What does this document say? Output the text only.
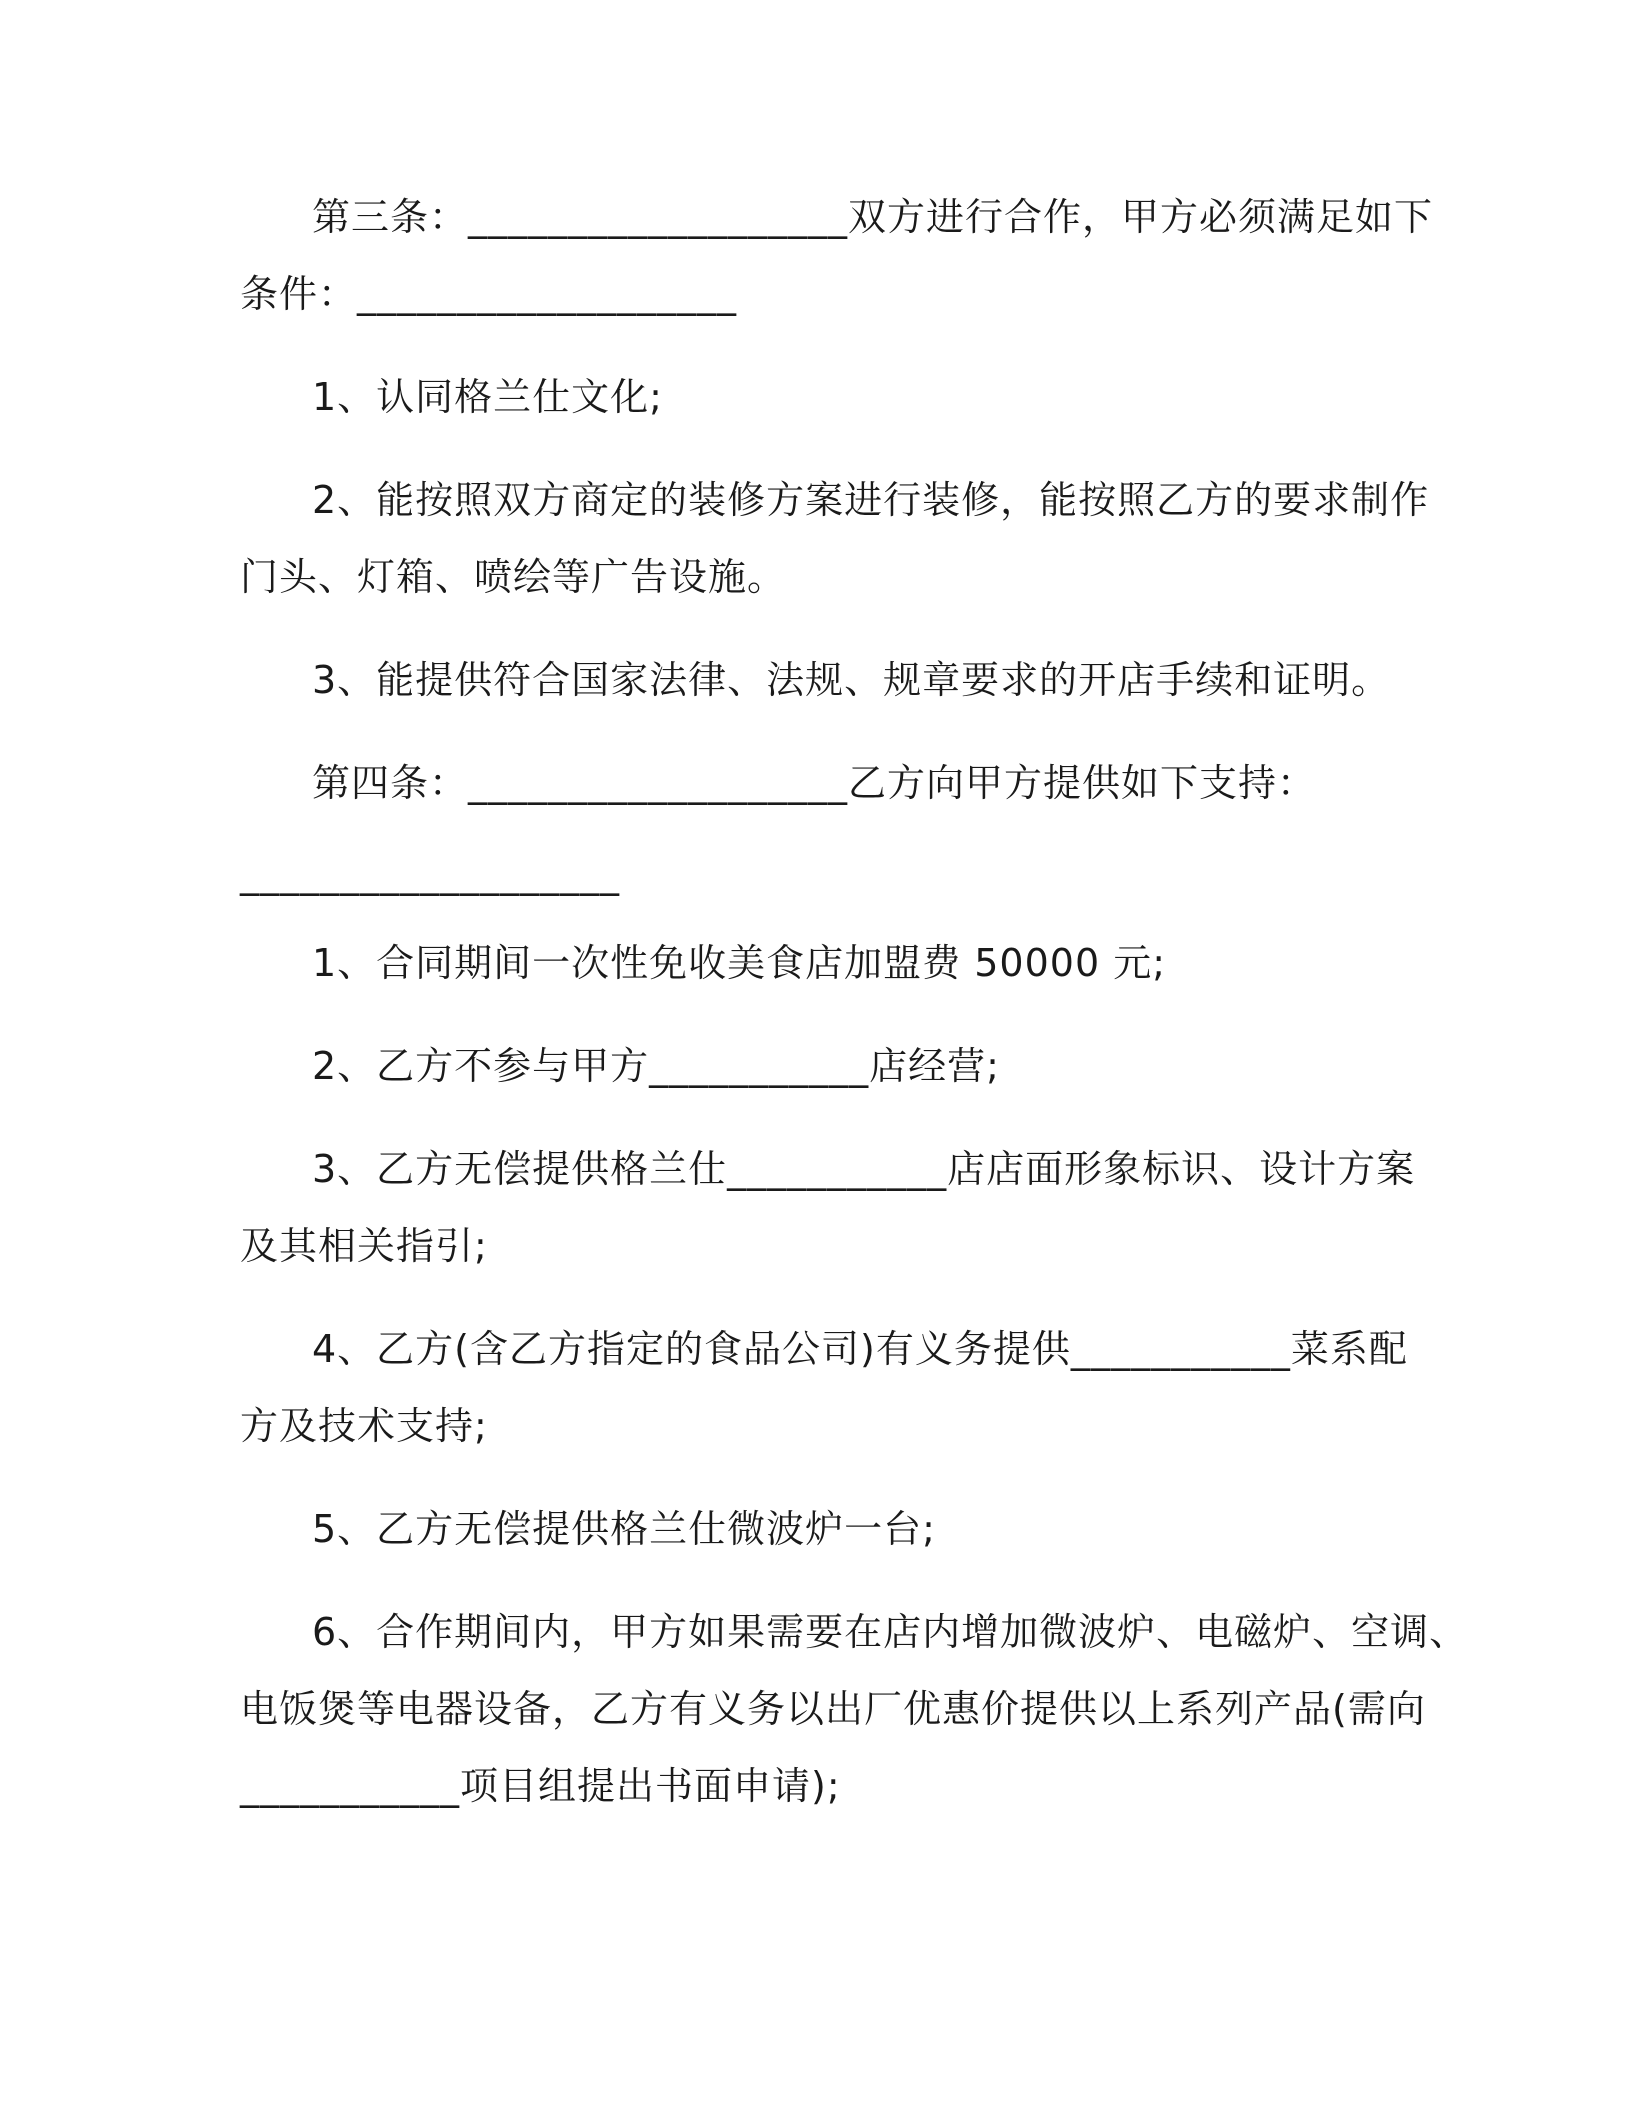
第三条：___________________双方进行合作，甲方必须满足如下
条件：___________________
1、认同格兰仕文化;
2、能按照双方商定的装修方案进行装修，能按照乙方的要求制作
门头、灯箱、喷绘等广告设施。
3、能提供符合国家法律、法规、规章要求的开店手续和证明。
第四条：___________________乙方向甲方提供如下支持：
___________________
1、合同期间一次性免收美食店加盟费 50000 元;
2、乙方不参与甲方___________店经营;
3、乙方无偿提供格兰仕___________店店面形象标识、设计方案
及其相关指引;
4、乙方(含乙方指定的食品公司)有义务提供___________菜系配
方及技术支持;
5、乙方无偿提供格兰仕微波炉一台;
6、合作期间内，甲方如果需要在店内增加微波炉、电磁炉、空调、
电饭煲等电器设备，乙方有义务以出厂优惠价提供以上系列产品(需向
___________项目组提出书面申请);
